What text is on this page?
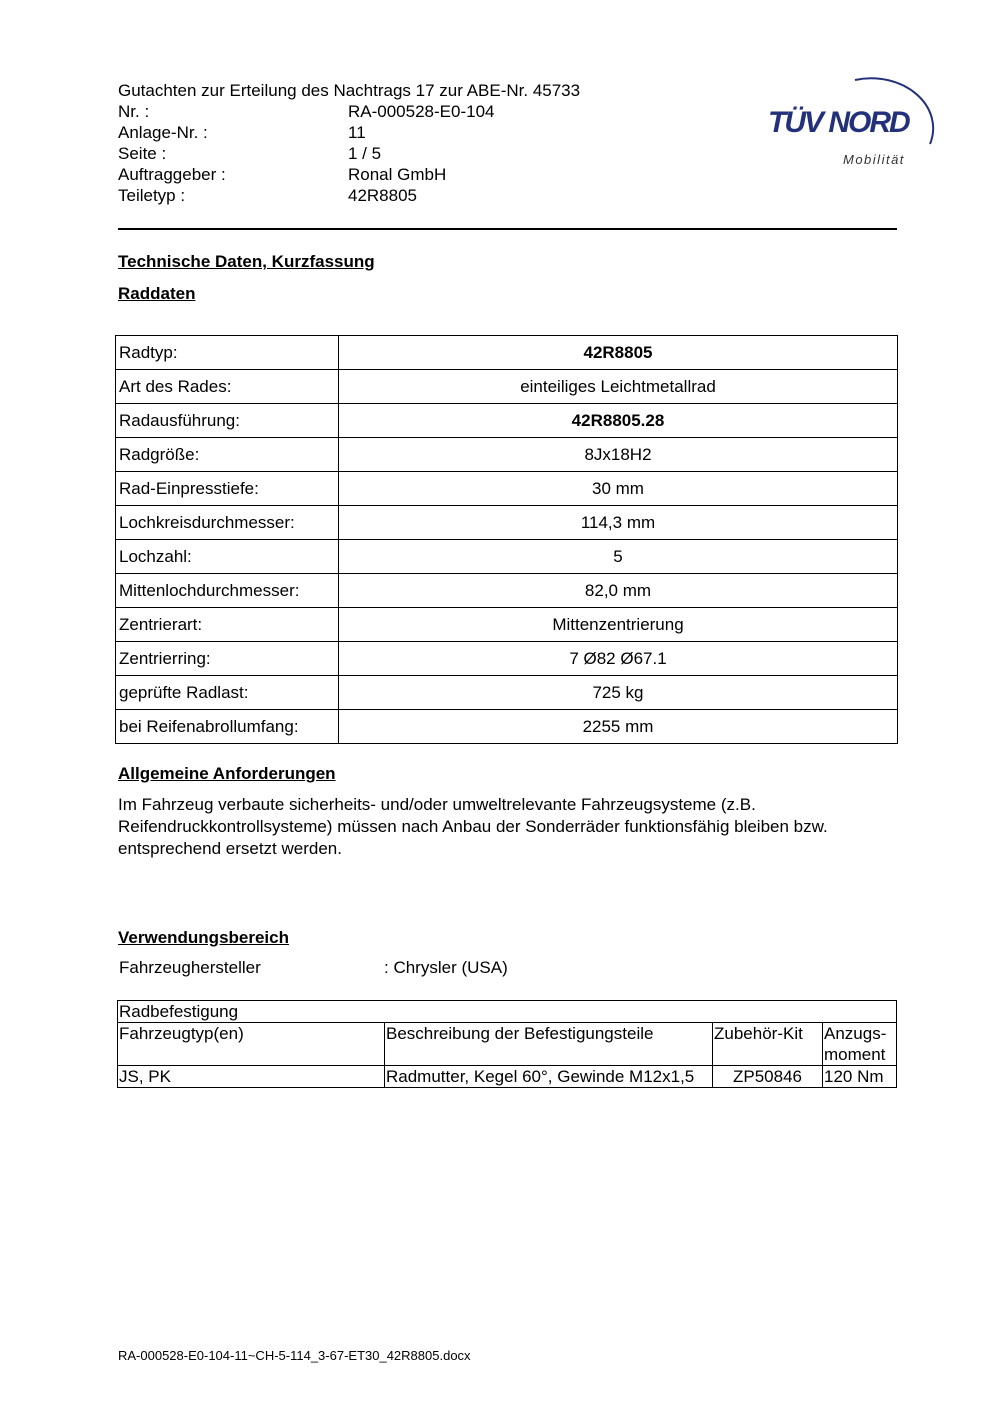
Gutachten zur Erteilung des Nachtrags 17 zur ABE-Nr. 45733
Nr. :	RA-000528-E0-104
Anlage-Nr. :	11
Seite :	1 / 5
Auftraggeber :	Ronal GmbH
Teiletyp :	42R8805
TÜV NORD
Mobilität
Technische Daten, Kurzfassung
Raddaten
Radtyp:	42R8805
Art des Rades:	einteiliges Leichtmetallrad
Radausführung:	42R8805.28
Radgröße:	8Jx18H2
Rad-Einpresstiefe:	30 mm
Lochkreisdurchmesser:	114,3 mm
Lochzahl:	5
Mittenlochdurchmesser:	82,0 mm
Zentrierart:	Mittenzentrierung
Zentrierring:	7 Ø82 Ø67.1
geprüfte Radlast:	725 kg
bei Reifenabrollumfang:	2255 mm
Allgemeine Anforderungen
Im Fahrzeug verbaute sicherheits- und/oder umweltrelevante Fahrzeugsysteme (z.B. Reifendruckkontrollsysteme) müssen nach Anbau der Sonderräder funktionsfähig bleiben bzw. entsprechend ersetzt werden.
Verwendungsbereich
Fahrzeughersteller	: Chrysler (USA)
Radbefestigung			
Fahrzeugtyp(en)	Beschreibung der Befestigungsteile	Zubehör-Kit	Anzugs-moment
JS, PK	Radmutter, Kegel 60°, Gewinde M12x1,5	ZP50846	120 Nm
RA-000528-E0-104-11~CH-5-114_3-67-ET30_42R8805.docx
